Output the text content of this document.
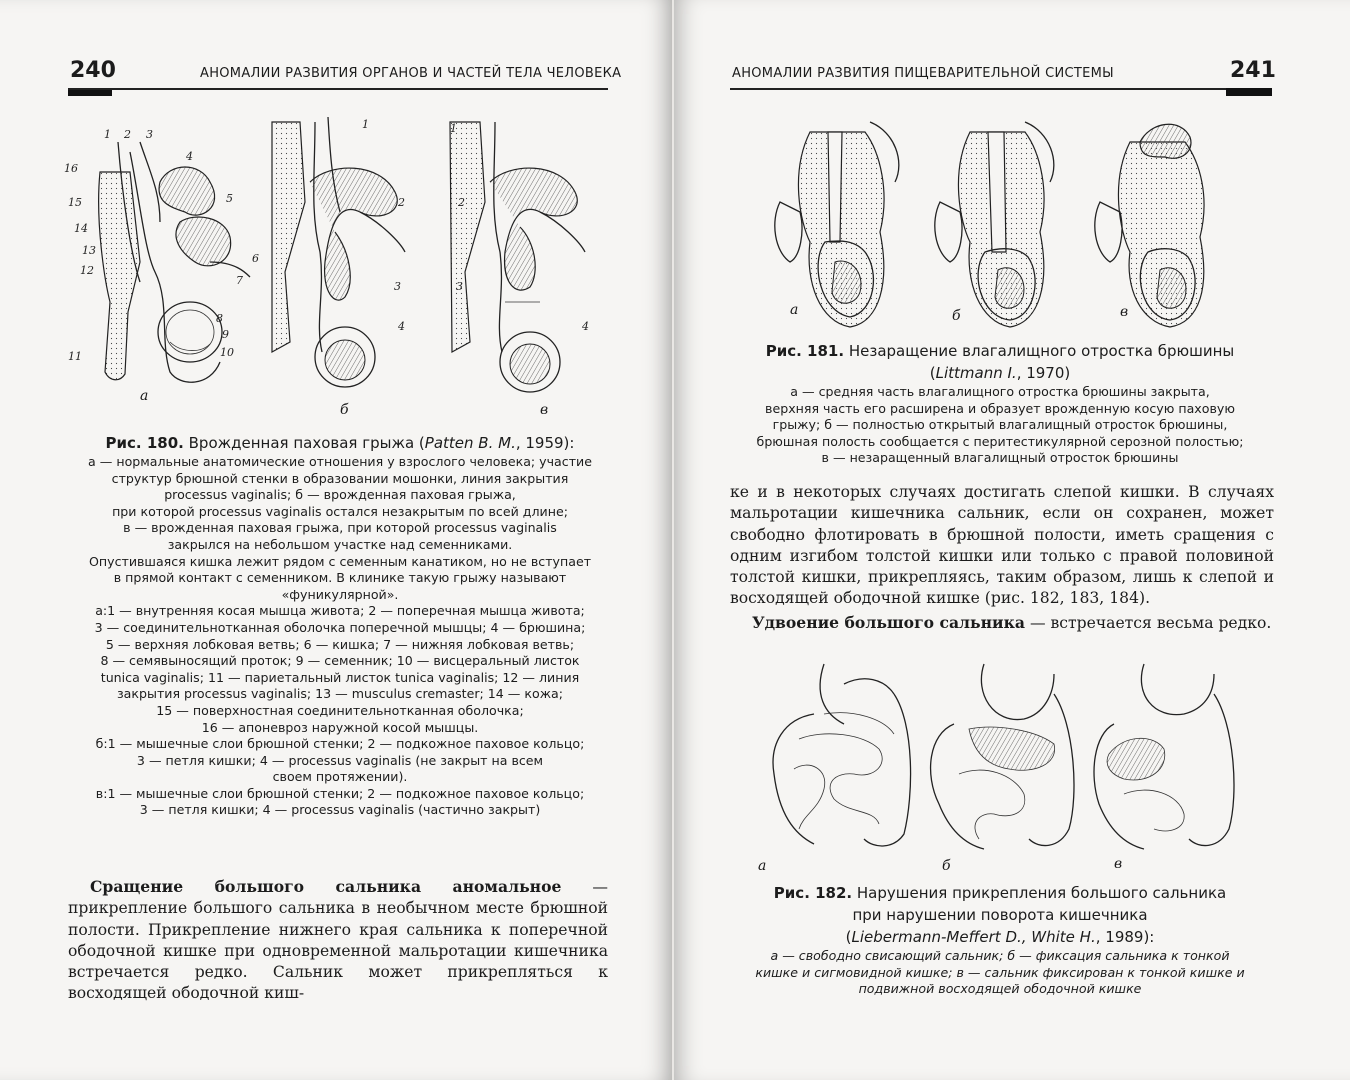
240	АНОМАЛИИ РАЗВИТИЯ ОРГАНОВ И ЧАСТЕЙ ТЕЛА ЧЕЛОВЕКА
1 2 3
4
5
6
7
8
9
10
11
12
13
14
15
16
1
2
3
4
1
2
3
4
а
б	в
Рис. 180. Врожденная паховая грыжа (Patten B. M., 1959):
а — нормальные анатомические отношения у взрослого человека; участие
структур брюшной стенки в образовании мошонки, линия закрытия
processus vaginalis; б — врожденная паховая грыжа,
при которой processus vaginalis остался незакрытым по всей длине;
в — врожденная паховая грыжа, при которой processus vaginalis
закрылся на небольшом участке над семенниками.
Опустившаяся кишка лежит рядом с семенным канатиком, но не вступает
в прямой контакт с семенником. В клинике такую грыжу называют
«фуникулярной».
а:1 — внутренняя косая мышца живота; 2 — поперечная мышца живота;
3 — соединительнотканная оболочка поперечной мышцы; 4 — брюшина;
5 — верхняя лобковая ветвь; 6 — кишка; 7 — нижняя лобковая ветвь;
8 — семявыносящий проток; 9 — семенник; 10 — висцеральный листок
tunica vaginalis; 11 — париетальный листок tunica vaginalis; 12 — линия
закрытия processus vaginalis; 13 — musculus cremaster; 14 — кожа;
15 — поверхностная соединительнотканная оболочка;
16 — апоневроз наружной косой мышцы.
б:1 — мышечные слои брюшной стенки; 2 — подкожное паховое кольцо;
3 — петля кишки; 4 — processus vaginalis (не закрыт на всем
своем протяжении).
в:1 — мышечные слои брюшной стенки; 2 — подкожное паховое кольцо;
3 — петля кишки; 4 — processus vaginalis (частично закрыт)

Сращение большого сальника аномальное — прикрепление большого сальника в необычном месте брюшной полости. Прикрепление нижнего края сальника к поперечной ободочной кишке при одновременной мальротации кишечника встречается редко. Сальник может прикрепляться к восходящей ободочной киш-

АНОМАЛИИ РАЗВИТИЯ ПИЩЕВАРИТЕЛЬНОЙ СИСТЕМЫ	241
а	б	в
Рис. 181. Незаращение влагалищного отростка брюшины
(Littmann I., 1970)
а — средняя часть влагалищного отростка брюшины закрыта,
верхняя часть его расширена и образует врожденную косую паховую
грыжу; б — полностью открытый влагалищный отросток брюшины,
брюшная полость сообщается с перитестикулярной серозной полостью;
в — незаращенный влагалищный отросток брюшины

ке и в некоторых случаях достигать слепой кишки. В случаях мальротации кишечника сальник, если он сохранен, может свободно флотировать в брюшной полости, иметь сращения с одним изгибом толстой кишки или только с правой половиной толстой кишки, прикрепляясь, таким образом, лишь к слепой и восходящей ободочной кишке (рис. 182, 183, 184).

Удвоение большого сальника — встречается весьма редко.

а	б	в
Рис. 182. Нарушения прикрепления большого сальника
при нарушении поворота кишечника
(Liebermann-Meffert D., White H., 1989):
а — свободно свисающий сальник; б — фиксация сальника к тонкой
кишке и сигмовидной кишке; в — сальник фиксирован к тонкой кишке и
подвижной восходящей ободочной кишке
